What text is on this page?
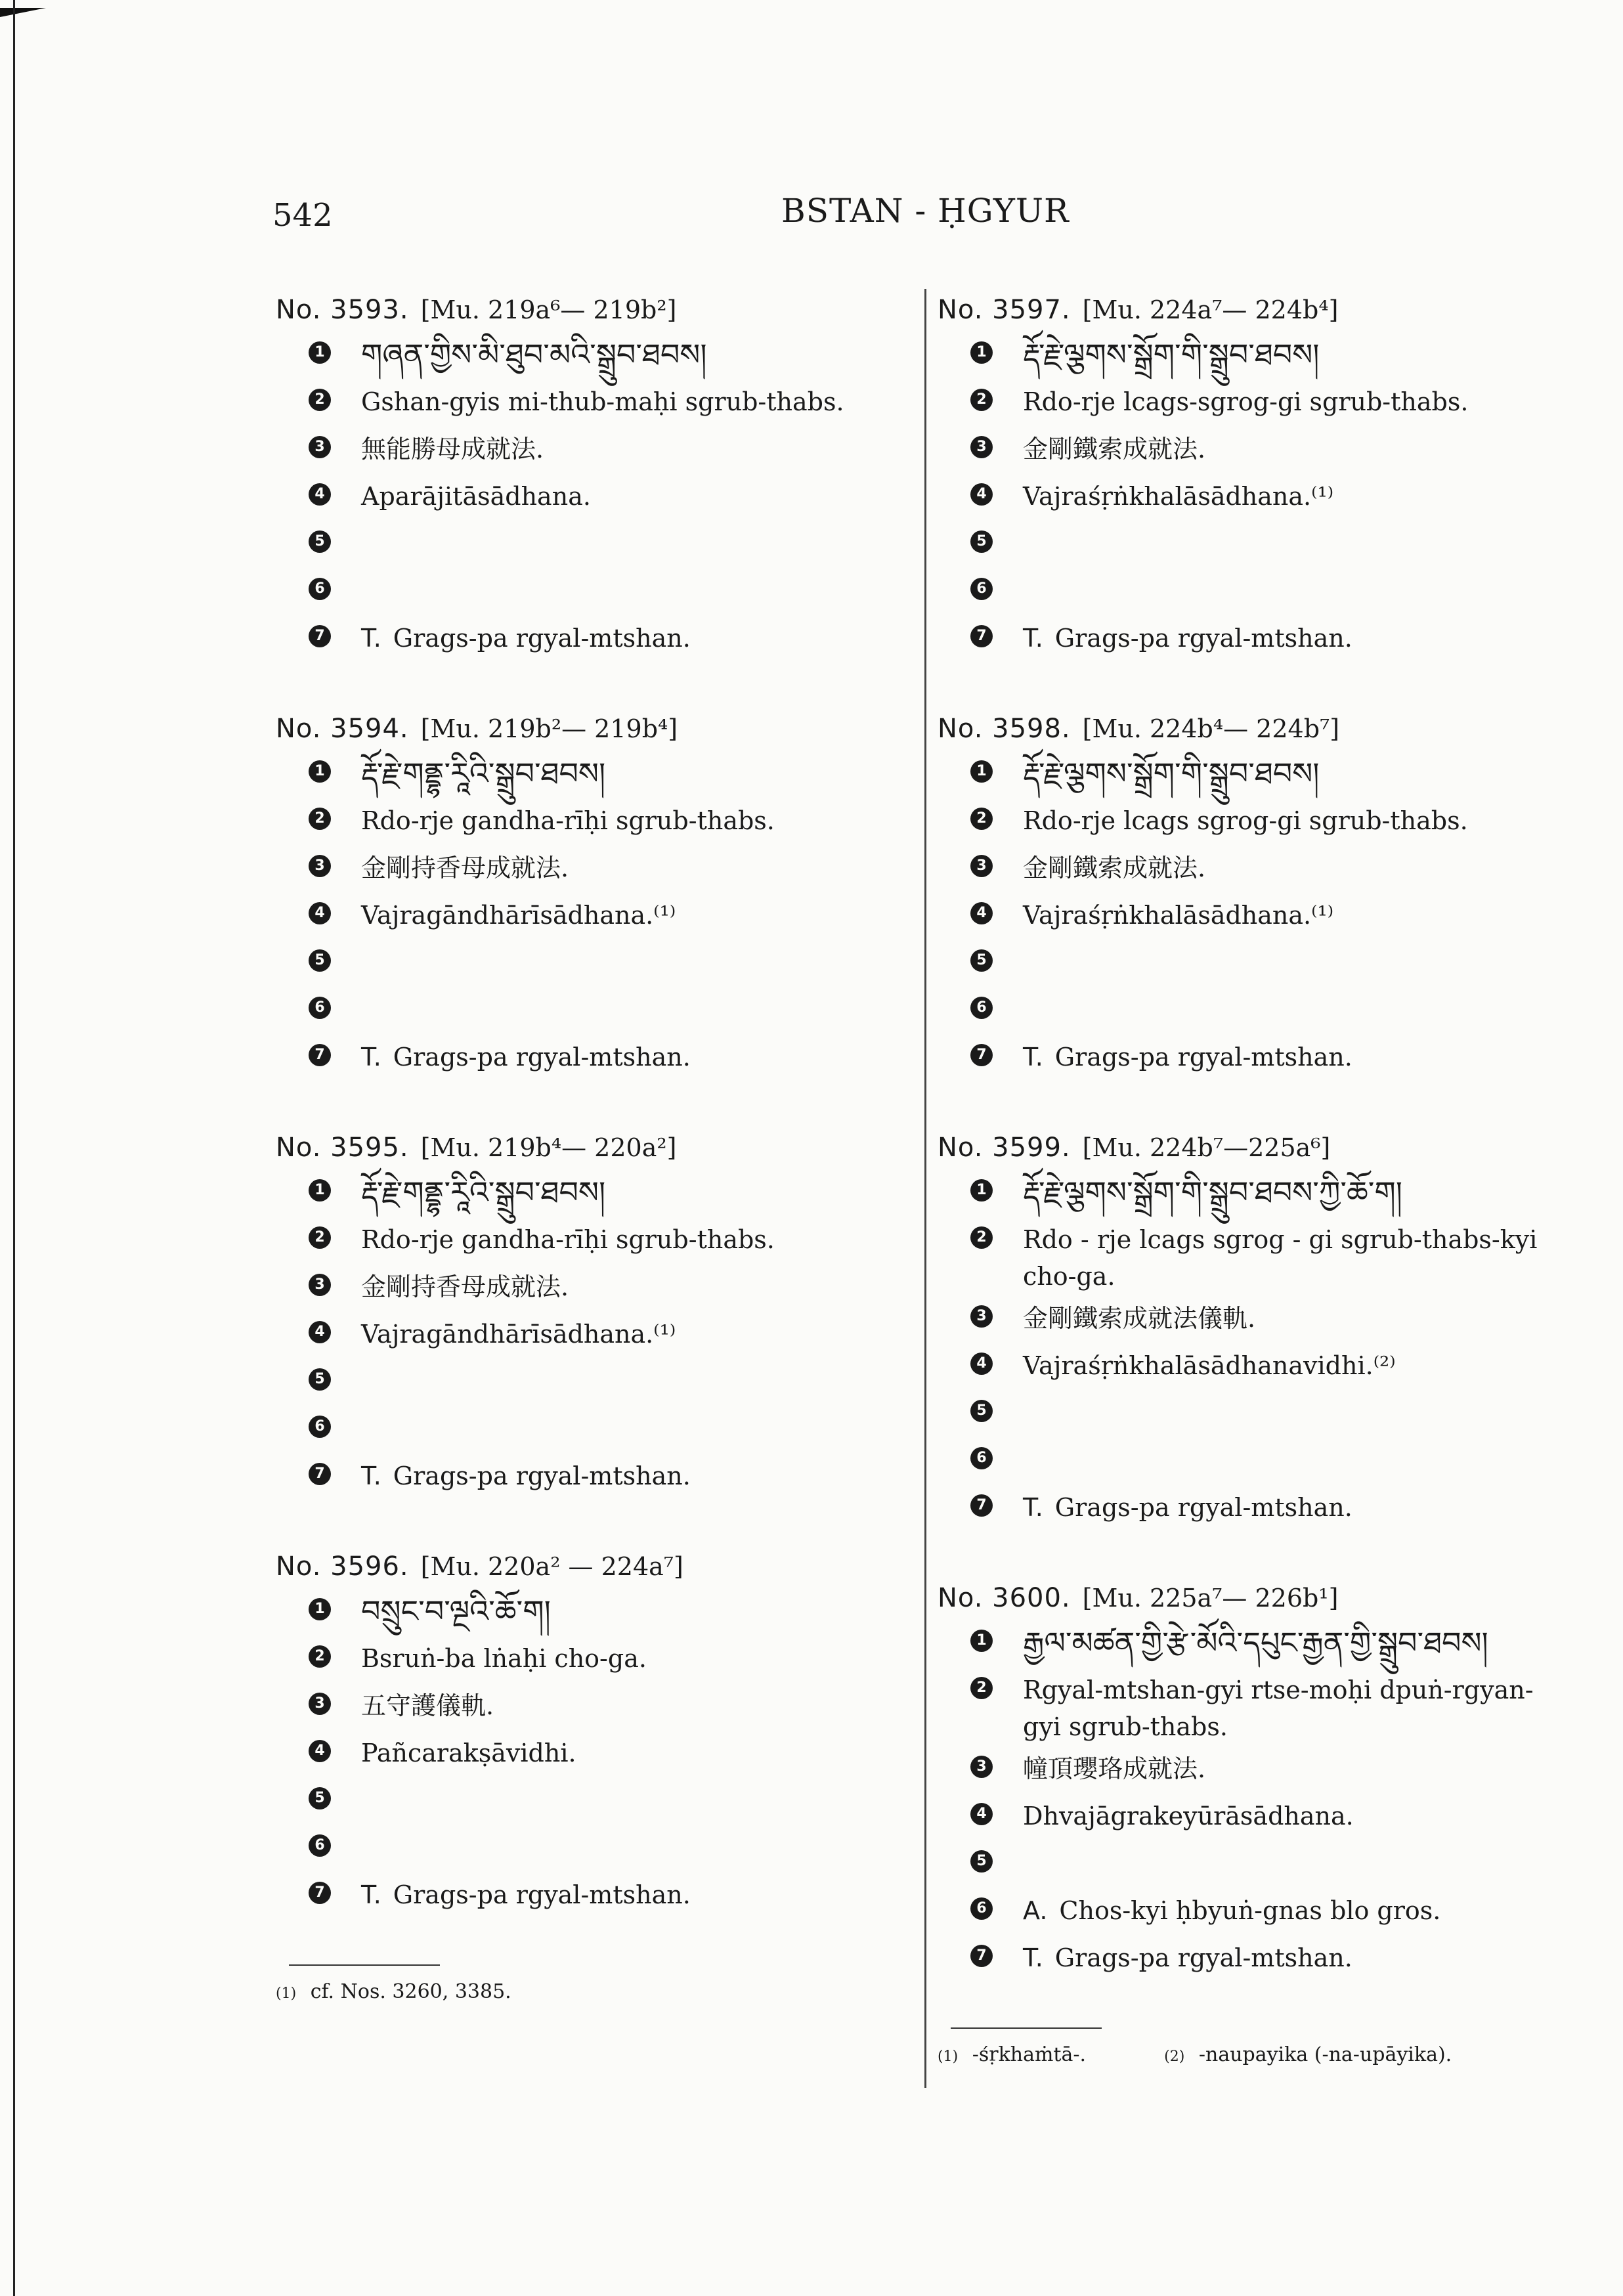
542	BSTAN - ḤGYUR
No. 3593. [Mu. 219a⁶— 219b²]
1 གཞན་གྱིས་མི་ཐུབ་མའི་སྒྲུབ་ཐབས།
2 Gshan-gyis mi-thub-maḥi sgrub-thabs.
3 無能勝母成就法.
4 Aparājitāsādhana.
5
6
7 T. Grags-pa rgyal-mtshan.
No. 3594. [Mu. 219b²— 219b⁴]
1 རྡོ་རྗེ་གནྡྷ་རཱིའི་སྒྲུབ་ཐབས།
2 Rdo-rje gandha-rīḥi sgrub-thabs.
3 金剛持香母成就法.
4 Vajragāndhārīsādhana.⁽¹⁾
5
6
7 T. Grags-pa rgyal-mtshan.
No. 3595. [Mu. 219b⁴— 220a²]
1 རྡོ་རྗེ་གནྡྷ་རཱིའི་སྒྲུབ་ཐབས།
2 Rdo-rje gandha-rīḥi sgrub-thabs.
3 金剛持香母成就法.
4 Vajragāndhārīsādhana.⁽¹⁾
5
6
7 T. Grags-pa rgyal-mtshan.
No. 3596. [Mu. 220a² — 224a⁷]
1 བསྲུང་བ་ལྔའི་ཆོ་ག།
2 Bsruṅ-ba lṅaḥi cho-ga.
3 五守護儀軌.
4 Pañcarakṣāvidhi.
5
6
7 T. Grags-pa rgyal-mtshan.
(1) cf. Nos. 3260, 3385.
No. 3597. [Mu. 224a⁷— 224b⁴]
1 རྡོ་རྗེ་ལྕགས་སྒྲོག་གི་སྒྲུབ་ཐབས།
2 Rdo-rje lcags-sgrog-gi sgrub-thabs.
3 金剛鐵索成就法.
4 Vajraśṛṅkhalāsādhana.⁽¹⁾
5
6
7 T. Grags-pa rgyal-mtshan.
No. 3598. [Mu. 224b⁴— 224b⁷]
1 རྡོ་རྗེ་ལྕགས་སྒྲོག་གི་སྒྲུབ་ཐབས།
2 Rdo-rje lcags sgrog-gi sgrub-thabs.
3 金剛鐵索成就法.
4 Vajraśṛṅkhalāsādhana.⁽¹⁾
5
6
7 T. Grags-pa rgyal-mtshan.
No. 3599. [Mu. 224b⁷—225a⁶]
1 རྡོ་རྗེ་ལྕགས་སྒྲོག་གི་སྒྲུབ་ཐབས་ཀྱི་ཆོ་ག།
2 Rdo - rje lcags sgrog - gi sgrub-thabs-kyi cho-ga.
3 金剛鐵索成就法儀軌.
4 Vajraśṛṅkhalāsādhanavidhi.⁽²⁾
5
6
7 T. Grags-pa rgyal-mtshan.
No. 3600. [Mu. 225a⁷— 226b¹]
1 རྒྱལ་མཚན་གྱི་རྩེ་མོའི་དཔུང་རྒྱན་གྱི་སྒྲུབ་ཐབས།
2 Rgyal-mtshan-gyi rtse-moḥi dpuṅ-rgyan-gyi sgrub-thabs.
3 幢頂瓔珞成就法.
4 Dhvajāgrakeyūrāsādhana.
5
6 A. Chos-kyi ḥbyuṅ-gnas blo gros.
7 T. Grags-pa rgyal-mtshan.
(1) -śṛkhaṁtā-.	(2) -naupayika (-na-upāyika).
